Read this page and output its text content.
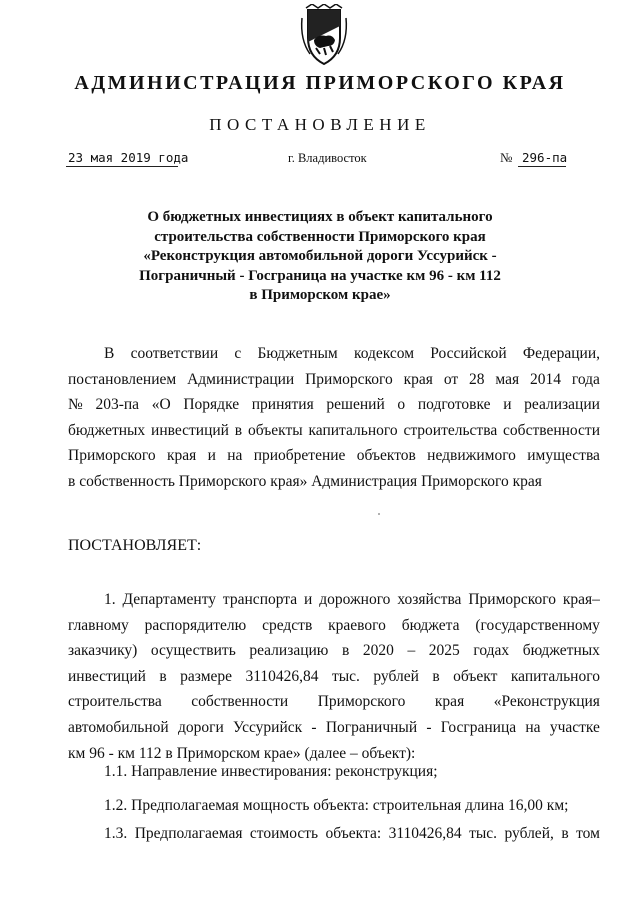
АДМИНИСТРАЦИЯ ПРИМОРСКОГО КРАЯ
ПОСТАНОВЛЕНИЕ
23 мая 2019 года	г. Владивосток	№ 296-па
О бюджетных инвестициях в объект капитального
строительства собственности Приморского края
«Реконструкция автомобильной дороги Уссурийск -
Пограничный - Госграница на участке км 96 - км 112
в Приморском крае»
В соответствии с Бюджетным кодексом Российской Федерации,
постановлением Администрации Приморского края от 28 мая 2014 года
№ 203-па «О Порядке принятия решений о подготовке и реализации
бюджетных инвестиций в объекты капитального строительства собственности
Приморского края и на приобретение объектов недвижимого имущества
в собственность Приморского края» Администрация Приморского края
ПОСТАНОВЛЯЕТ:
1. Департаменту транспорта и дорожного хозяйства Приморского края–
главному распорядителю средств краевого бюджета (государственному
заказчику) осуществить реализацию в 2020 – 2025 годах бюджетных
инвестиций в размере 3110426,84 тыс. рублей в объект капитального
строительства собственности Приморского края «Реконструкция
автомобильной дороги Уссурийск - Пограничный - Госграница на участке
км 96 - км 112 в Приморском крае» (далее – объект):
1.1. Направление инвестирования: реконструкция;
1.2. Предполагаемая мощность объекта: строительная длина 16,00 км;
1.3. Предполагаемая стоимость объекта: 3110426,84 тыс. рублей, в том
